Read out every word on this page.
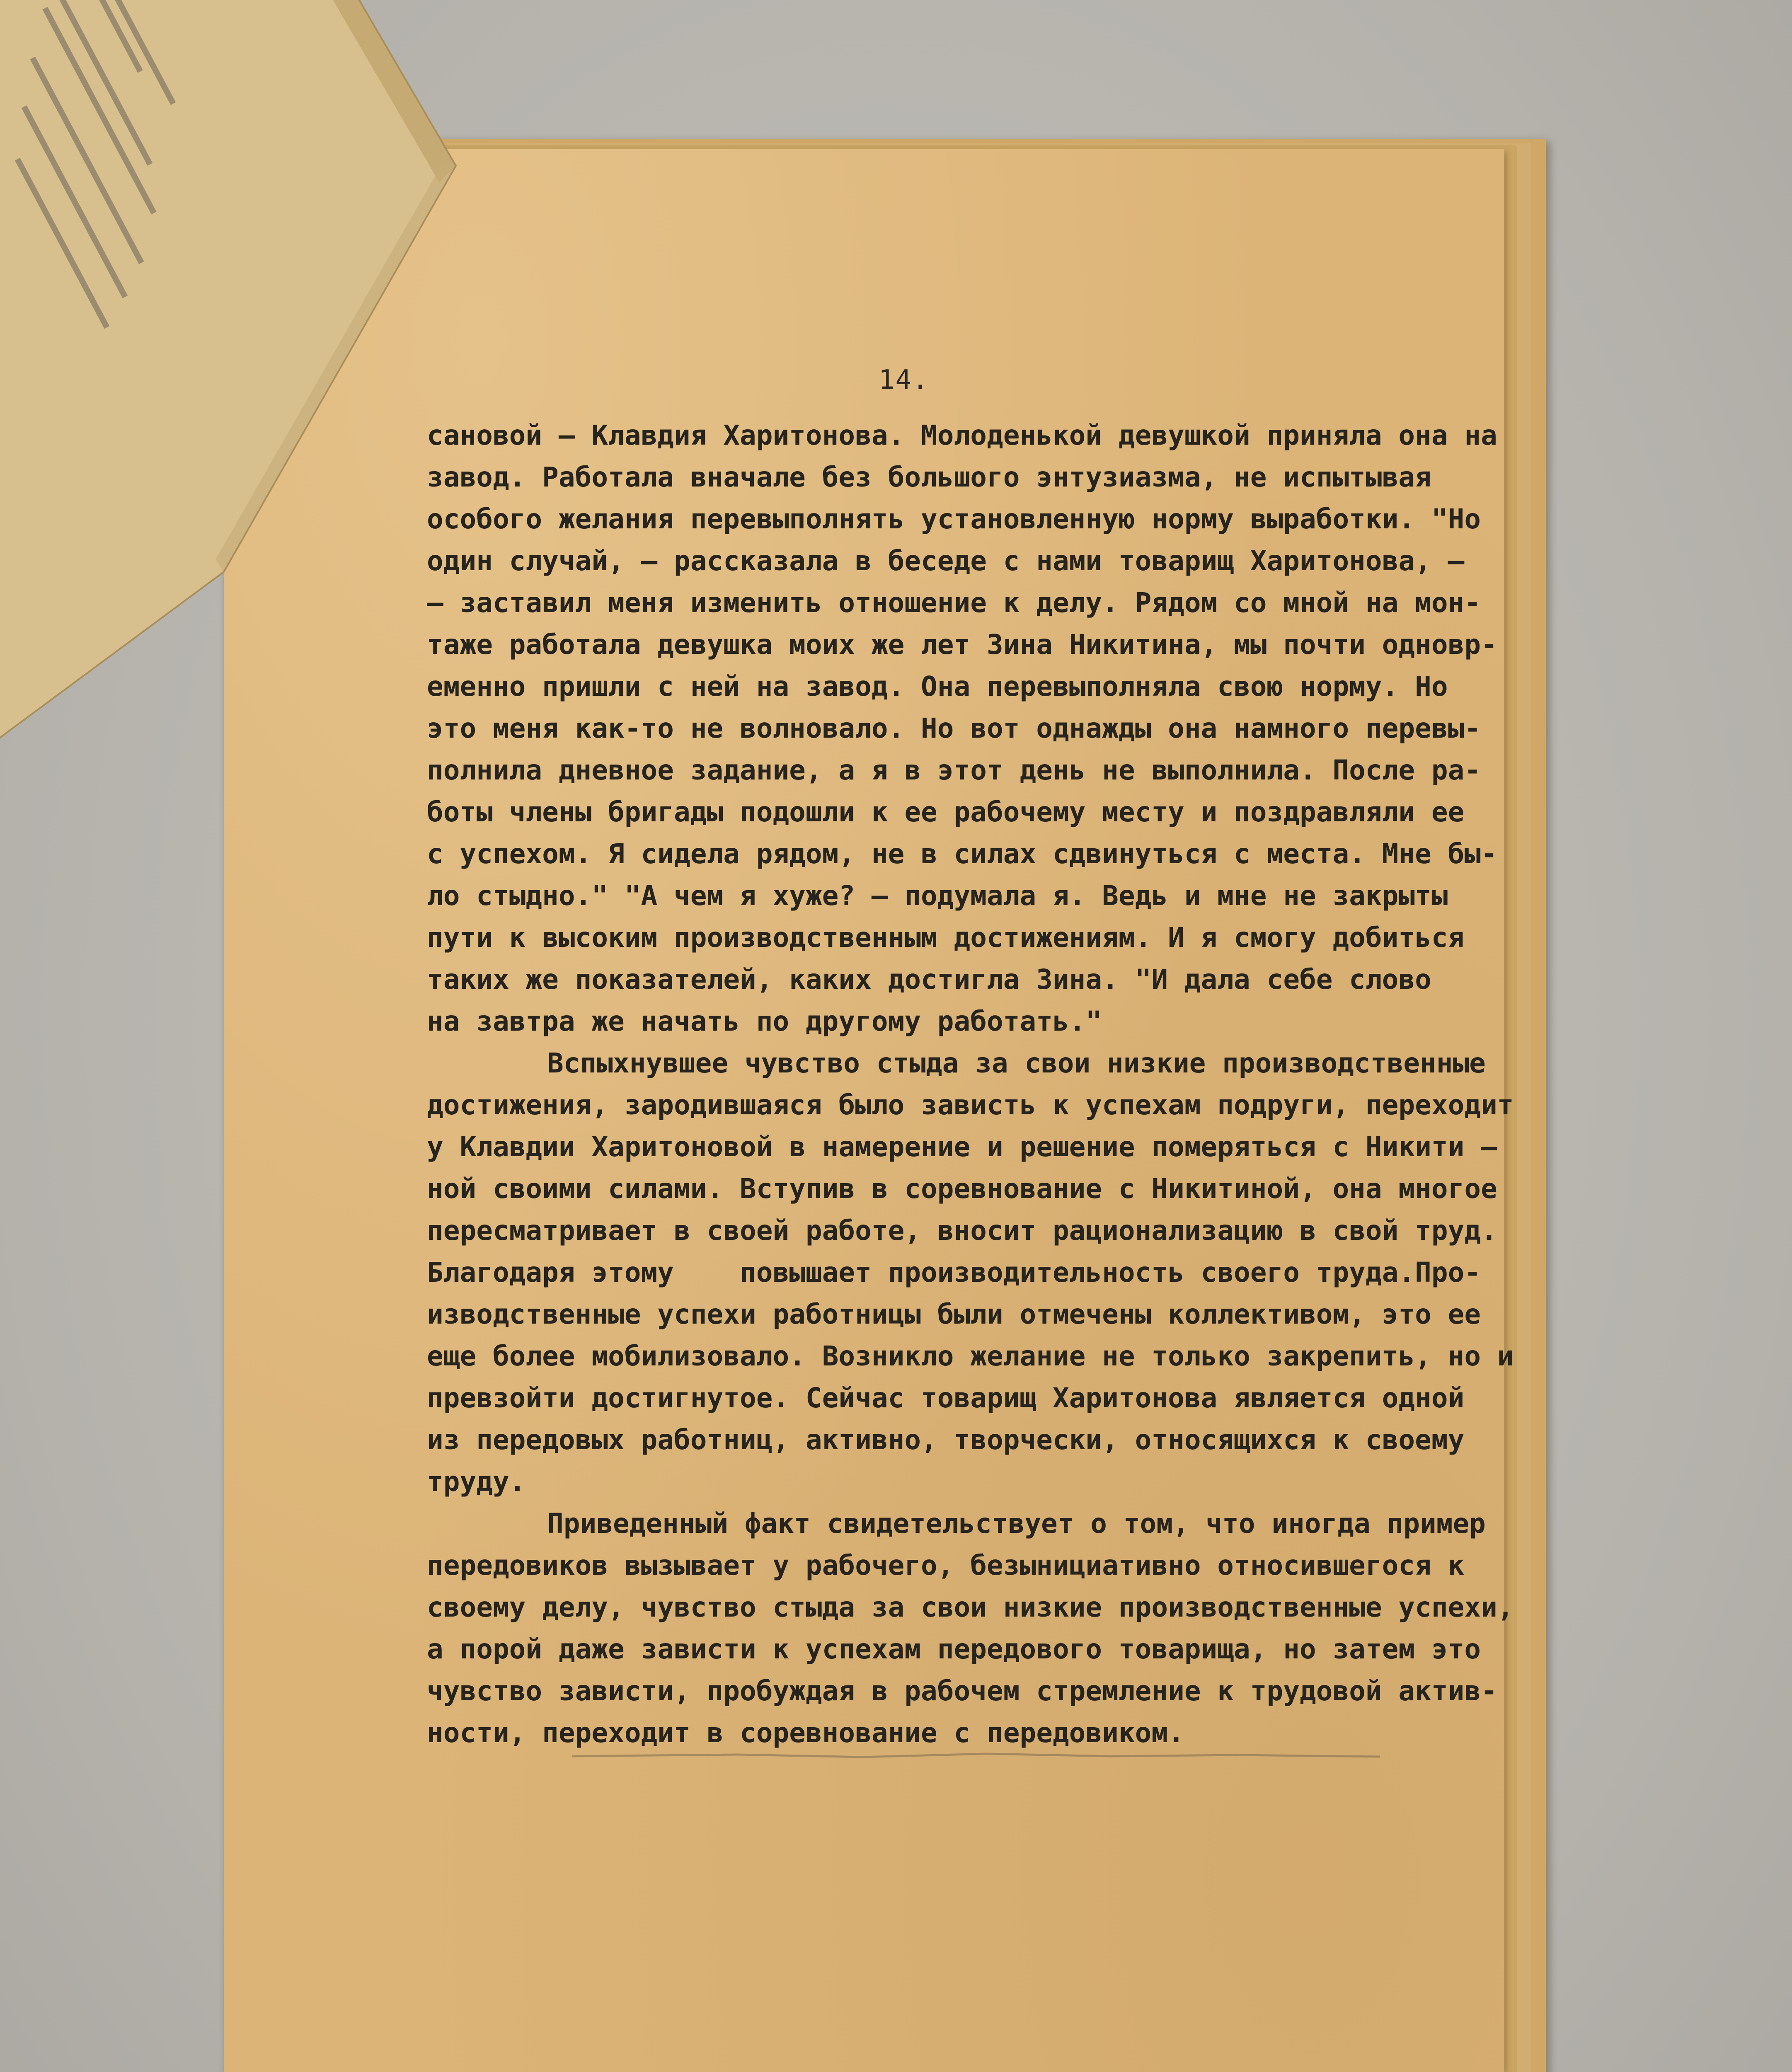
14.
сановой – Клавдия Харитонова. Молоденькой девушкой приняла она на
завод. Работала вначале без большого энтузиазма, не испытывая
особого желания перевыполнять установленную норму выработки. "Но
один случай, – рассказала в беседе с нами товарищ Харитонова, –
– заставил меня изменить отношение к делу. Рядом со мной на мон-
таже работала девушка моих же лет Зина Никитина, мы почти одновр-
еменно пришли с ней на завод. Она перевыполняла свою норму. Но
это меня как-то не волновало. Но вот однажды она намного перевы-
полнила дневное задание, а я в этот день не выполнила. После ра-
боты члены бригады подошли к ее рабочему месту и поздравляли ее
с успехом. Я сидела рядом, не в силах сдвинуться с места. Мне бы-
ло стыдно." "А чем я хуже? – подумала я. Ведь и мне не закрыты
пути к высоким производственным достижениям. И я смогу добиться
таких же показателей, каких достигла Зина. "И дала себе слово
на завтра же начать по другому работать."
Вспыхнувшее чувство стыда за свои низкие производственные
достижения, зародившаяся было зависть к успехам подруги, переходит
у Клавдии Харитоновой в намерение и решение померяться с Никити –
ной своими силами. Вступив в соревнование с Никитиной, она многое
пересматривает в своей работе, вносит рационализацию в свой труд.
Благодаря этому    повышает производительность своего труда.Про-
изводственные успехи работницы были отмечены коллективом, это ее
еще более мобилизовало. Возникло желание не только закрепить, но и
превзойти достигнутое. Сейчас товарищ Харитонова является одной
из передовых работниц, активно, творчески, относящихся к своему
труду.
Приведенный факт свидетельствует о том, что иногда пример
передовиков вызывает у рабочего, безынициативно относившегося к
своему делу, чувство стыда за свои низкие производственные успехи,
а порой даже зависти к успехам передового товарища, но затем это
чувство зависти, пробуждая в рабочем стремление к трудовой актив-
ности, переходит в соревнование с передовиком.
